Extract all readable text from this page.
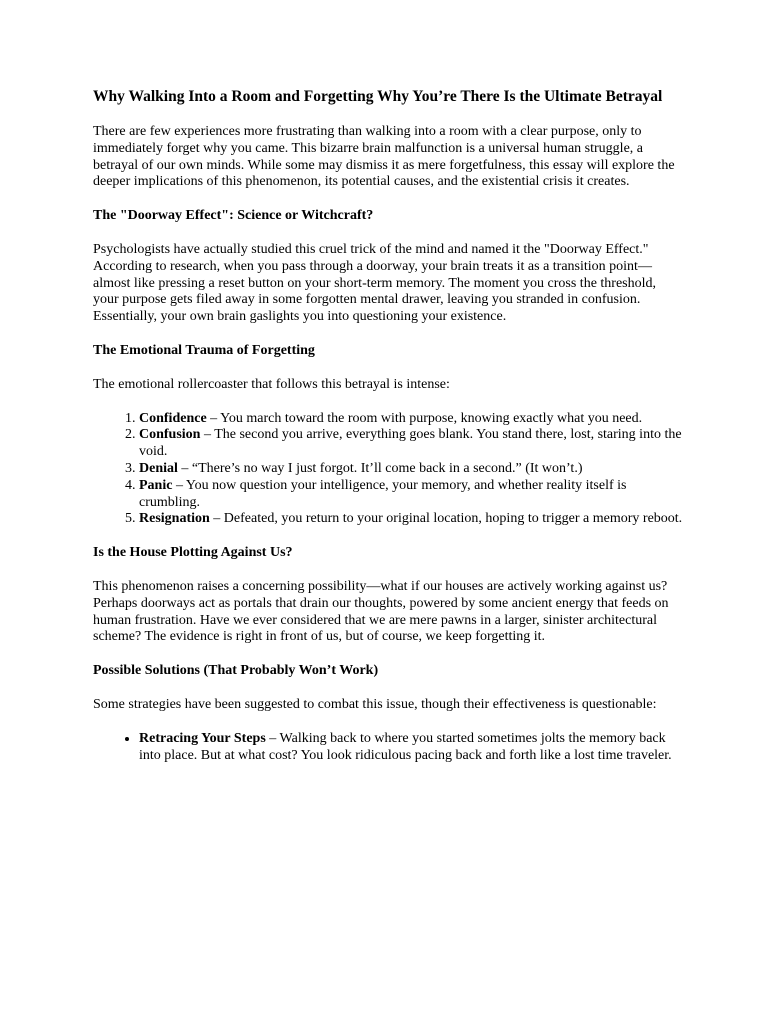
Why Walking Into a Room and Forgetting Why You’re There Is the Ultimate Betrayal

There are few experiences more frustrating than walking into a room with a clear purpose, only to immediately forget why you came. This bizarre brain malfunction is a universal human struggle, a betrayal of our own minds. While some may dismiss it as mere forgetfulness, this essay will explore the deeper implications of this phenomenon, its potential causes, and the existential crisis it creates.

The "Doorway Effect": Science or Witchcraft?

Psychologists have actually studied this cruel trick of the mind and named it the "Doorway Effect." According to research, when you pass through a doorway, your brain treats it as a transition point—almost like pressing a reset button on your short-term memory. The moment you cross the threshold, your purpose gets filed away in some forgotten mental drawer, leaving you stranded in confusion. Essentially, your own brain gaslights you into questioning your existence.

The Emotional Trauma of Forgetting

The emotional rollercoaster that follows this betrayal is intense:

1. Confidence – You march toward the room with purpose, knowing exactly what you need.
2. Confusion – The second you arrive, everything goes blank. You stand there, lost, staring into the void.
3. Denial – “There’s no way I just forgot. It’ll come back in a second.” (It won’t.)
4. Panic – You now question your intelligence, your memory, and whether reality itself is crumbling.
5. Resignation – Defeated, you return to your original location, hoping to trigger a memory reboot.
Is the House Plotting Against Us?

This phenomenon raises a concerning possibility—what if our houses are actively working against us? Perhaps doorways act as portals that drain our thoughts, powered by some ancient energy that feeds on human frustration. Have we ever considered that we are mere pawns in a larger, sinister architectural scheme? The evidence is right in front of us, but of course, we keep forgetting it.

Possible Solutions (That Probably Won’t Work)

Some strategies have been suggested to combat this issue, though their effectiveness is questionable:

• Retracing Your Steps – Walking back to where you started sometimes jolts the memory back into place. But at what cost? You look ridiculous pacing back and forth like a lost time traveler.
